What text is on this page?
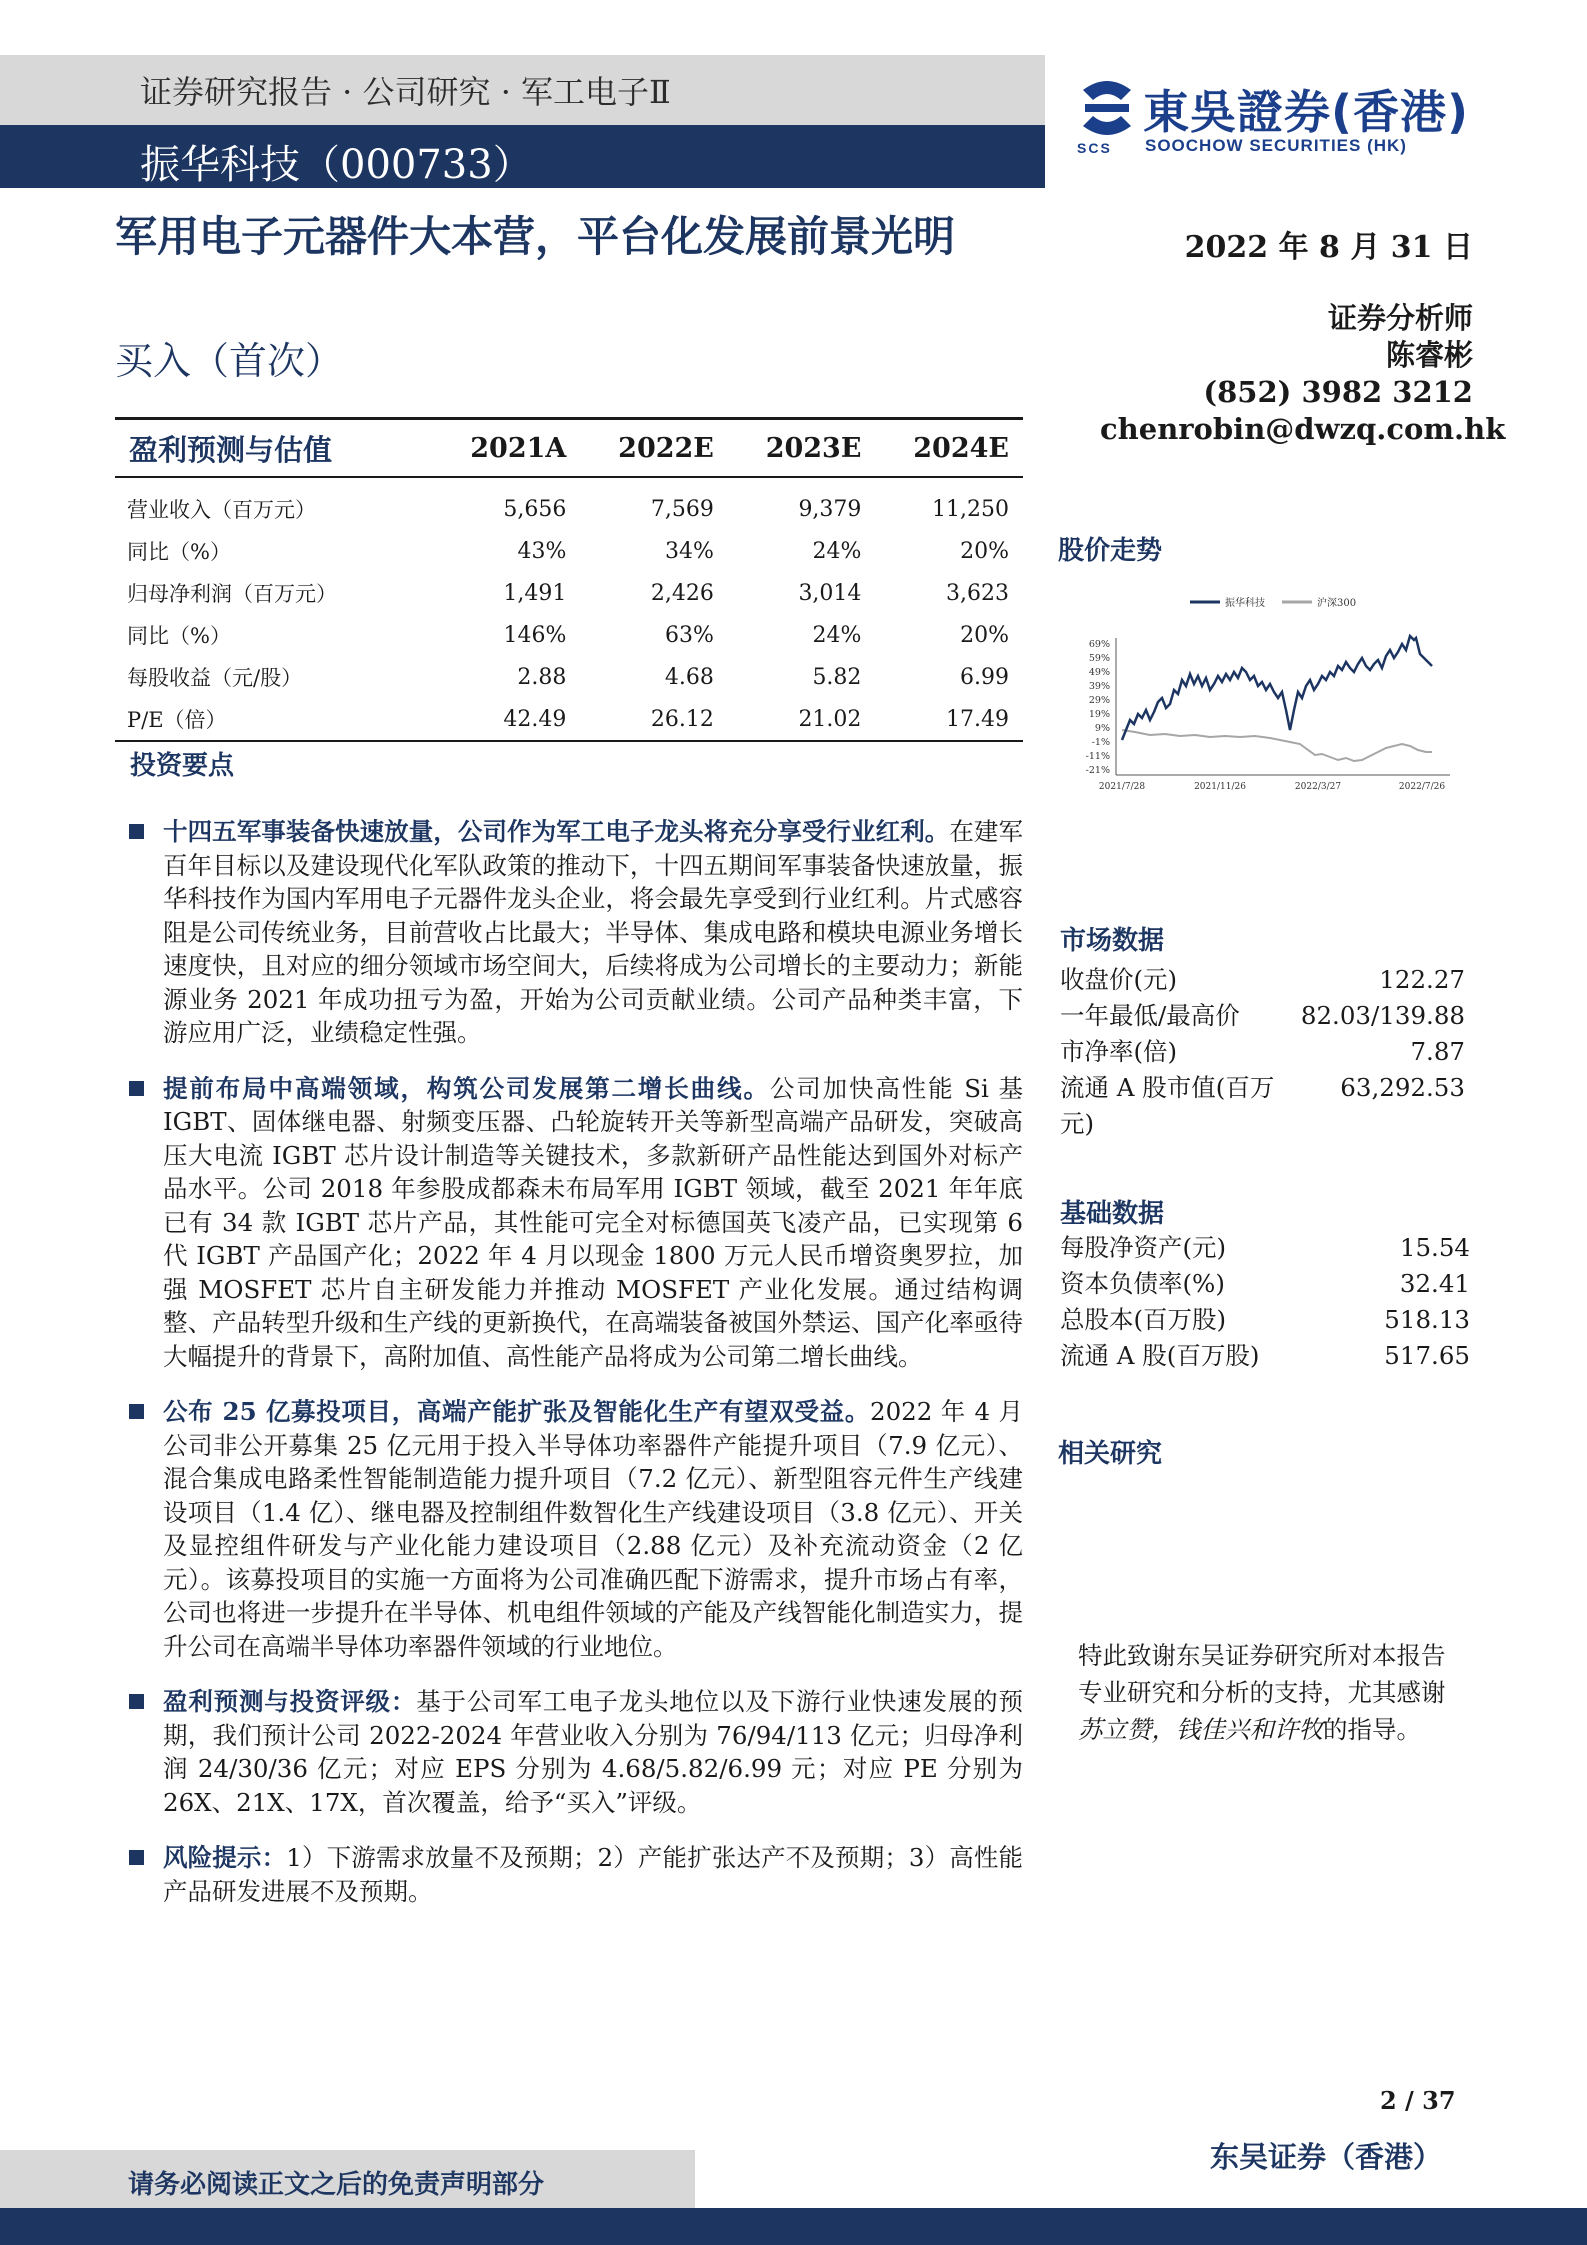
证券研究报告 · 公司研究 · 军工电子Ⅱ
振华科技（000733）
東吳證券(香港)
SCS SOOCHOW SECURITIES (HK)
军用电子元器件大本营，平台化发展前景光明
买入（首次）
2022 年 8 月 31 日
证券分析师
陈睿彬
(852) 3982 3212
chenrobin@dwzq.com.hk
盈利预测与估值	2021A	2022E	2023E	2024E
营业收入（百万元）	5,656	7,569	9,379	11,250
同比（%）	43%	34%	24%	20%
归母净利润（百万元）	1,491	2,426	3,014	3,623
同比（%）	146%	63%	24%	20%
每股收益（元/股）	2.88	4.68	5.82	6.99
P/E（倍）	42.49	26.12	21.02	17.49
投资要点
十四五军事装备快速放量，公司作为军工电子龙头将充分享受行业红利。在建军百年目标以及建设现代化军队政策的推动下，十四五期间军事装备快速放量，振华科技作为国内军用电子元器件龙头企业，将会最先享受到行业红利。片式感容阻是公司传统业务，目前营收占比最大；半导体、集成电路和模块电源业务增长速度快，且对应的细分领域市场空间大，后续将成为公司增长的主要动力；新能源业务 2021 年成功扭亏为盈，开始为公司贡献业绩。公司产品种类丰富，下游应用广泛，业绩稳定性强。
提前布局中高端领域，构筑公司发展第二增长曲线。公司加快高性能 Si 基 IGBT、固体继电器、射频变压器、凸轮旋转开关等新型高端产品研发，突破高压大电流 IGBT 芯片设计制造等关键技术，多款新研产品性能达到国外对标产品水平。公司 2018 年参股成都森未布局军用 IGBT 领域，截至 2021 年年底已有 34 款 IGBT 芯片产品，其性能可完全对标德国英飞凌产品，已实现第 6 代 IGBT 产品国产化；2022 年 4 月以现金 1800 万元人民币增资奥罗拉，加强 MOSFET 芯片自主研发能力并推动 MOSFET 产业化发展。通过结构调整、产品转型升级和生产线的更新换代，在高端装备被国外禁运、国产化率亟待大幅提升的背景下，高附加值、高性能产品将成为公司第二增长曲线。
公布 25 亿募投项目，高端产能扩张及智能化生产有望双受益。2022 年 4 月公司非公开募集 25 亿元用于投入半导体功率器件产能提升项目（7.9 亿元）、混合集成电路柔性智能制造能力提升项目（7.2 亿元）、新型阻容元件生产线建设项目（1.4 亿）、继电器及控制组件数智化生产线建设项目（3.8 亿元）、开关及显控组件研发与产业化能力建设项目（2.88 亿元）及补充流动资金（2 亿元）。该募投项目的实施一方面将为公司准确匹配下游需求，提升市场占有率，公司也将进一步提升在半导体、机电组件领域的产能及产线智能化制造实力，提升公司在高端半导体功率器件领域的行业地位。
盈利预测与投资评级：基于公司军工电子龙头地位以及下游行业快速发展的预期，我们预计公司 2022-2024 年营业收入分别为 76/94/113 亿元；归母净利润 24/30/36 亿元；对应 EPS 分别为 4.68/5.82/6.99 元；对应 PE 分别为 26X、21X、17X，首次覆盖，给予“买入”评级。
风险提示：1）下游需求放量不及预期；2）产能扩张达产不及预期；3）高性能产品研发进展不及预期。
股价走势
振华科技	沪深300
69%
59%
49%
39%
29%
19%
9%
-1%
-11%
-21%
2021/7/28	2021/11/26	2022/3/27	2022/7/26
市场数据
收盘价(元)	122.27
一年最低/最高价	82.03/139.88
市净率(倍)	7.87
流通 A 股市值(百万元)
63,292.53
基础数据
每股净资产(元)	15.54
资本负债率(%)	32.41
总股本(百万股)	518.13
流通 A 股(百万股)	517.65
相关研究
特此致谢东吴证券研究所对本报告专业研究和分析的支持，尤其感谢苏立赞，钱佳兴和许牧的指导。
2 / 37
东吴证券（香港）
请务必阅读正文之后的免责声明部分
